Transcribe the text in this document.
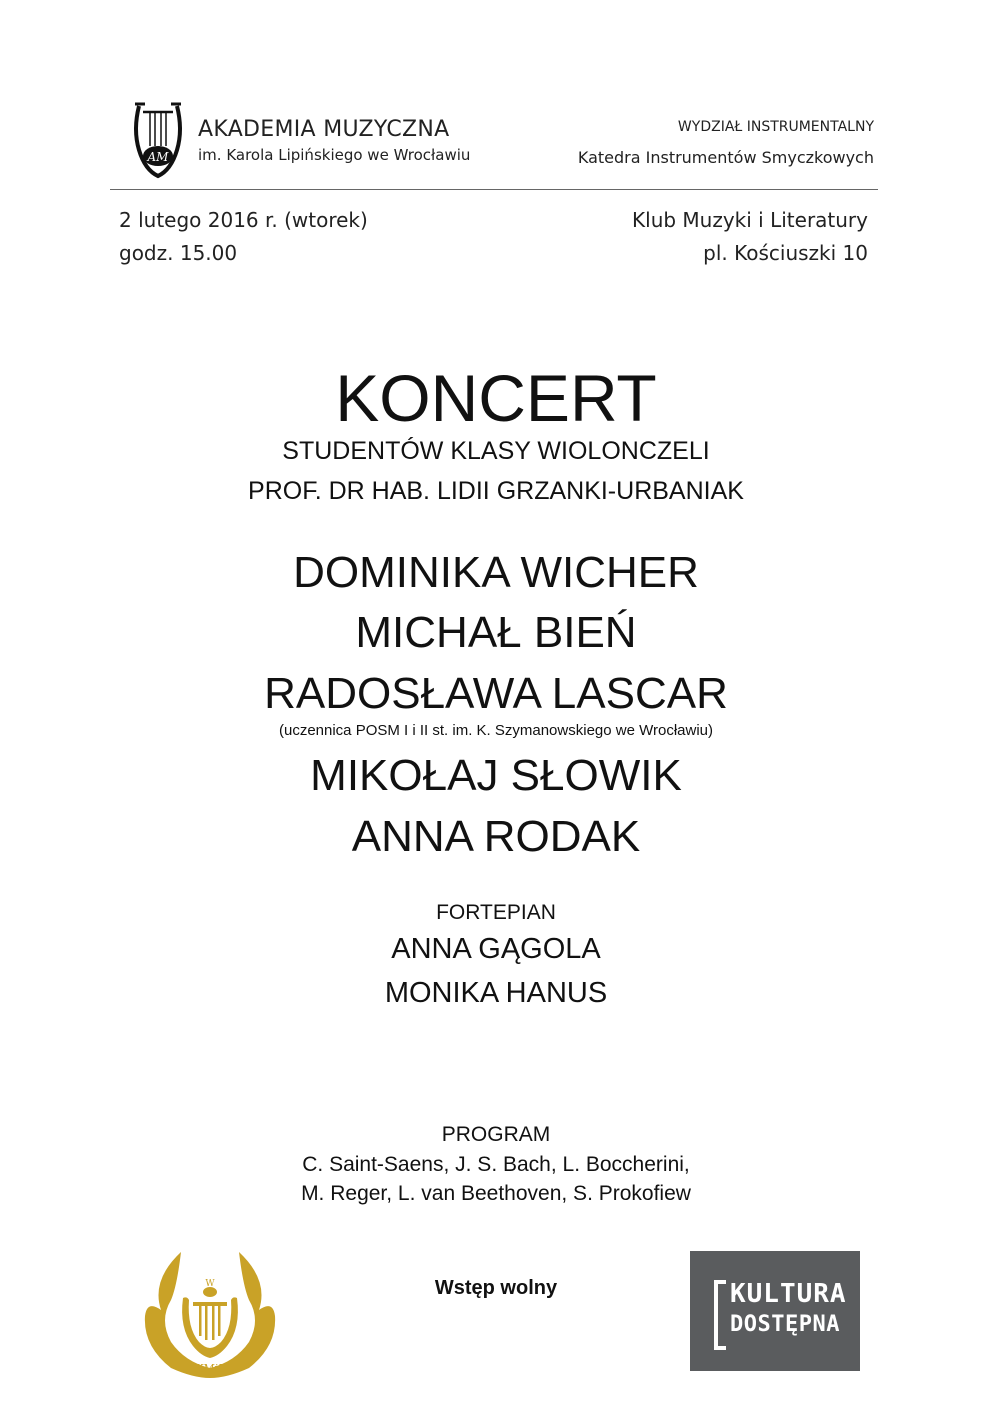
AM
AKADEMIA MUZYCZNA
im. Karola Lipińskiego we Wrocławiu
WYDZIAŁ INSTRUMENTALNY
Katedra Instrumentów Smyczkowych
2 lutego 2016 r. (wtorek)
godz. 15.00
Klub Muzyki i Literatury
pl. Kościuszki 10
KONCERT
STUDENTÓW KLASY WIOLONCZELI
PROF. DR HAB. LIDII GRZANKI-URBANIAK
DOMINIKA WICHER
MICHAŁ BIEŃ
RADOSŁAWA LASCAR
(uczennica POSM I i II st. im. K. Szymanowskiego we Wrocławiu)
MIKOŁAJ SŁOWIK
ANNA RODAK
FORTEPIAN
ANNA GĄGOLA
MONIKA HANUS
PROGRAM
C. Saint-Saens, J. S. Bach, L. Boccherini,
M. Reger, L. van Beethoven, S. Prokofiew
Wstęp wolny
W
KMiL
KULTURA
DOSTĘPNA
